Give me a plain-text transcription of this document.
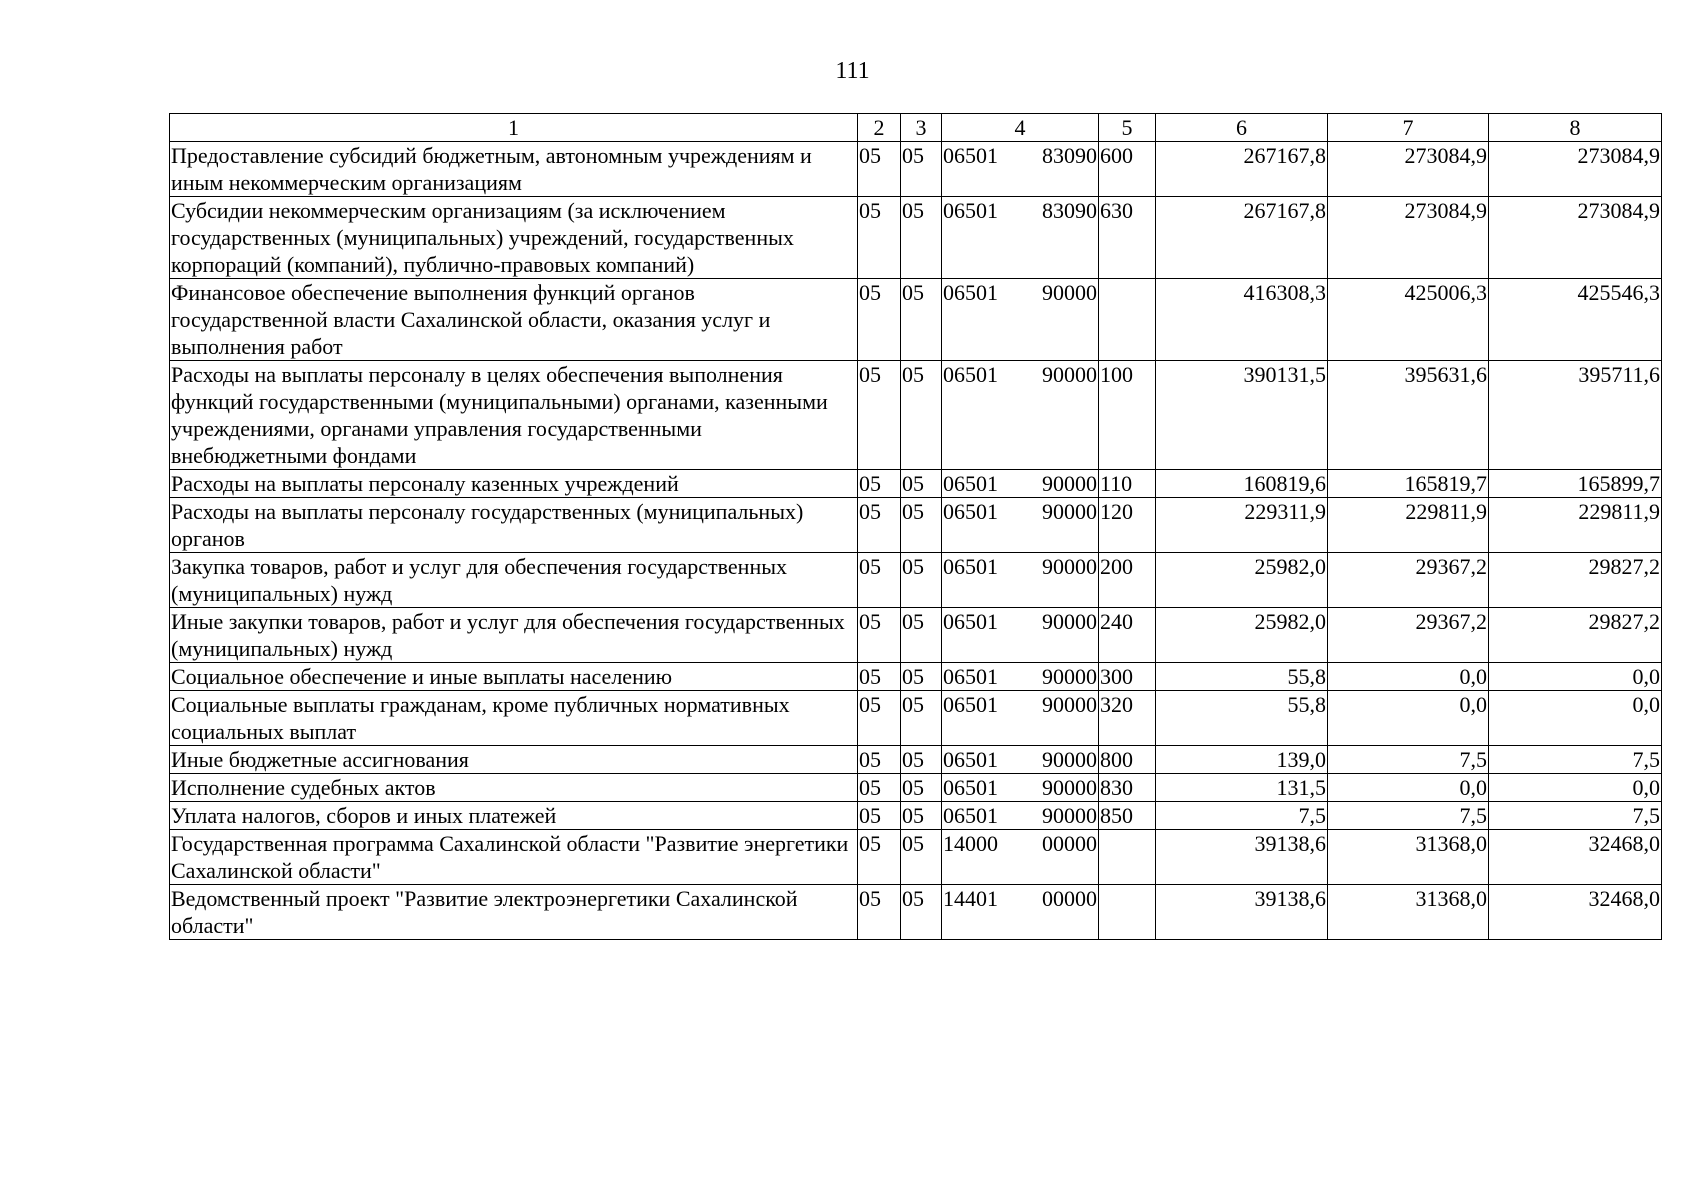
111
1	2	3	4	5	6	7	8
Предоставление субсидий бюджетным, автономным учреждениям и иным некоммерческим организациям	05	05	06501 83090	600	267167,8	273084,9	273084,9
Субсидии некоммерческим организациям (за исключением государственных (муниципальных) учреждений, государственных корпораций (компаний), публично-правовых компаний)	05	05	06501 83090	630	267167,8	273084,9	273084,9
Финансовое обеспечение выполнения функций органов государственной власти Сахалинской области, оказания услуг и выполнения работ	05	05	06501 90000		416308,3	425006,3	425546,3
Расходы на выплаты персоналу в целях обеспечения выполнения функций государственными (муниципальными) органами, казенными учреждениями, органами управления государственными внебюджетными фондами	05	05	06501 90000	100	390131,5	395631,6	395711,6
Расходы на выплаты персоналу казенных учреждений	05	05	06501 90000	110	160819,6	165819,7	165899,7
Расходы на выплаты персоналу государственных (муниципальных) органов	05	05	06501 90000	120	229311,9	229811,9	229811,9
Закупка товаров, работ и услуг для обеспечения государственных (муниципальных) нужд	05	05	06501 90000	200	25982,0	29367,2	29827,2
Иные закупки товаров, работ и услуг для обеспечения государственных (муниципальных) нужд	05	05	06501 90000	240	25982,0	29367,2	29827,2
Социальное обеспечение и иные выплаты населению	05	05	06501 90000	300	55,8	0,0	0,0
Социальные выплаты гражданам, кроме публичных нормативных социальных выплат	05	05	06501 90000	320	55,8	0,0	0,0
Иные бюджетные ассигнования	05	05	06501 90000	800	139,0	7,5	7,5
Исполнение судебных актов	05	05	06501 90000	830	131,5	0,0	0,0
Уплата налогов, сборов и иных платежей	05	05	06501 90000	850	7,5	7,5	7,5
Государственная программа Сахалинской области "Развитие энергетики Сахалинской области"	05	05	14000 00000		39138,6	31368,0	32468,0
Ведомственный проект "Развитие электроэнергетики Сахалинской области"	05	05	14401 00000		39138,6	31368,0	32468,0
